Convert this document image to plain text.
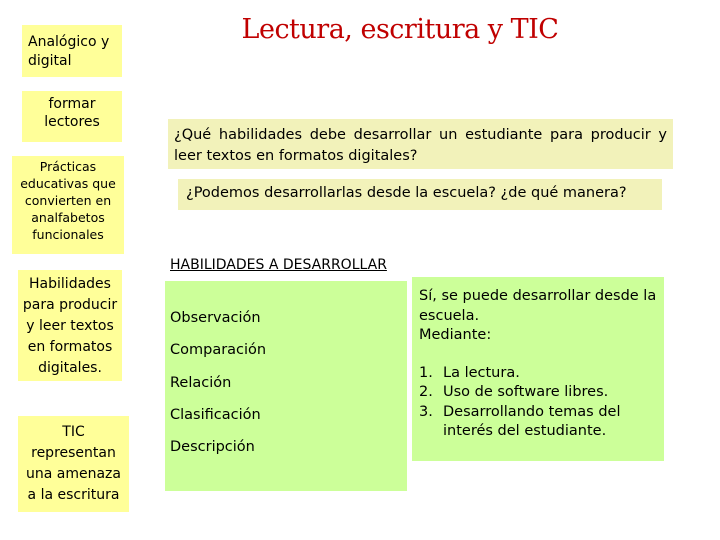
Lectura, escritura y TIC
Analógico y digital
formar lectores
Prácticas educativas que convierten en analfabetos funcionales
Habilidades para producir y leer textos en formatos digitales.
TIC representan una amenaza a la escritura
¿Qué habilidades debe desarrollar un estudiante para producir y leer textos en formatos digitales?
¿Podemos desarrollarlas desde la escuela? ¿de qué manera?
HABILIDADES A DESARROLLAR
Observación
Comparación
Relación
Clasificación
Descripción
Sí, se puede desarrollar desde la escuela.
Mediante:
1. La lectura.
2. Uso de software libres.
3. Desarrollando temas del interés del estudiante.
